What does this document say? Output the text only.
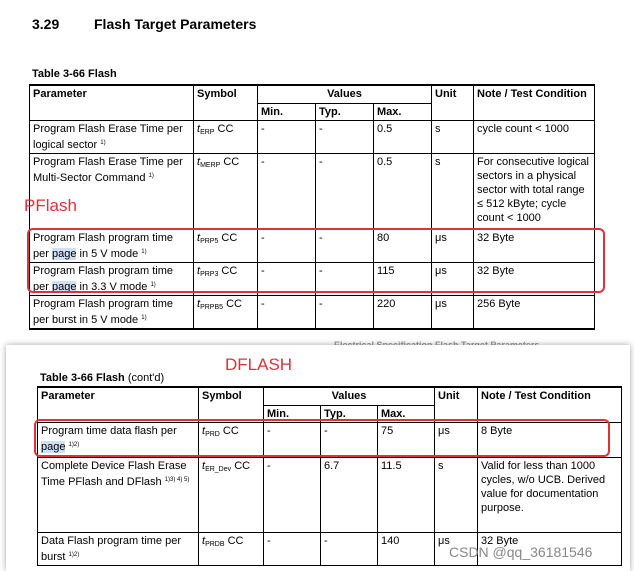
3.29 Flash Target Parameters
Table 3-66 Flash
Parameter	Symbol	Values			Unit	Note / Test Condition
		Min.	Typ.	Max.		
Program Flash Erase Time per logical sector $^{1)}$	$t_{ERP}$ CC	-	-	0.5	s	cycle count < 1000
Program Flash Erase Time per Multi-Sector Command $^{1)}$	$t_{MERP}$ CC	-	-	0.5	s	For consecutive logical sectors in a physical sector with total range ≤ 512 kByte; cycle count < 1000
Program Flash program time per page in 5 V mode $^{1)}$	$t_{PRP5}$ CC	-	-	80	μs	32 Byte
Program Flash program time per page in 3.3 V mode $^{1)}$	$t_{PRP3}$ CC	-	-	115	μs	32 Byte
Program Flash program time per burst in 5 V mode $^{1)}$	$t_{PRPB5}$ CC	-	-	220	μs	256 Byte
PFlash
DFLASH
Table 3-66 Flash (cont'd)
Parameter	Symbol	Values			Unit	Note / Test Condition
		Min.	Typ.	Max.		
Program time data flash per page $^{1)2)}$	$t_{PRD}$ CC	-	-	75	μs	8 Byte
Complete Device Flash Erase Time PFlash and DFlash $^{1)3) 4) 5)}$	$t_{ER\_Dev}$ CC	-	6.7	11.5	s	Valid for less than 1000 cycles, w/o UCB. Derived value for documentation purpose.
Data Flash program time per burst $^{1)2)}$	$t_{PRDB}$ CC	-	-	140	μs	32 Byte
CSDN @qq_36181546
